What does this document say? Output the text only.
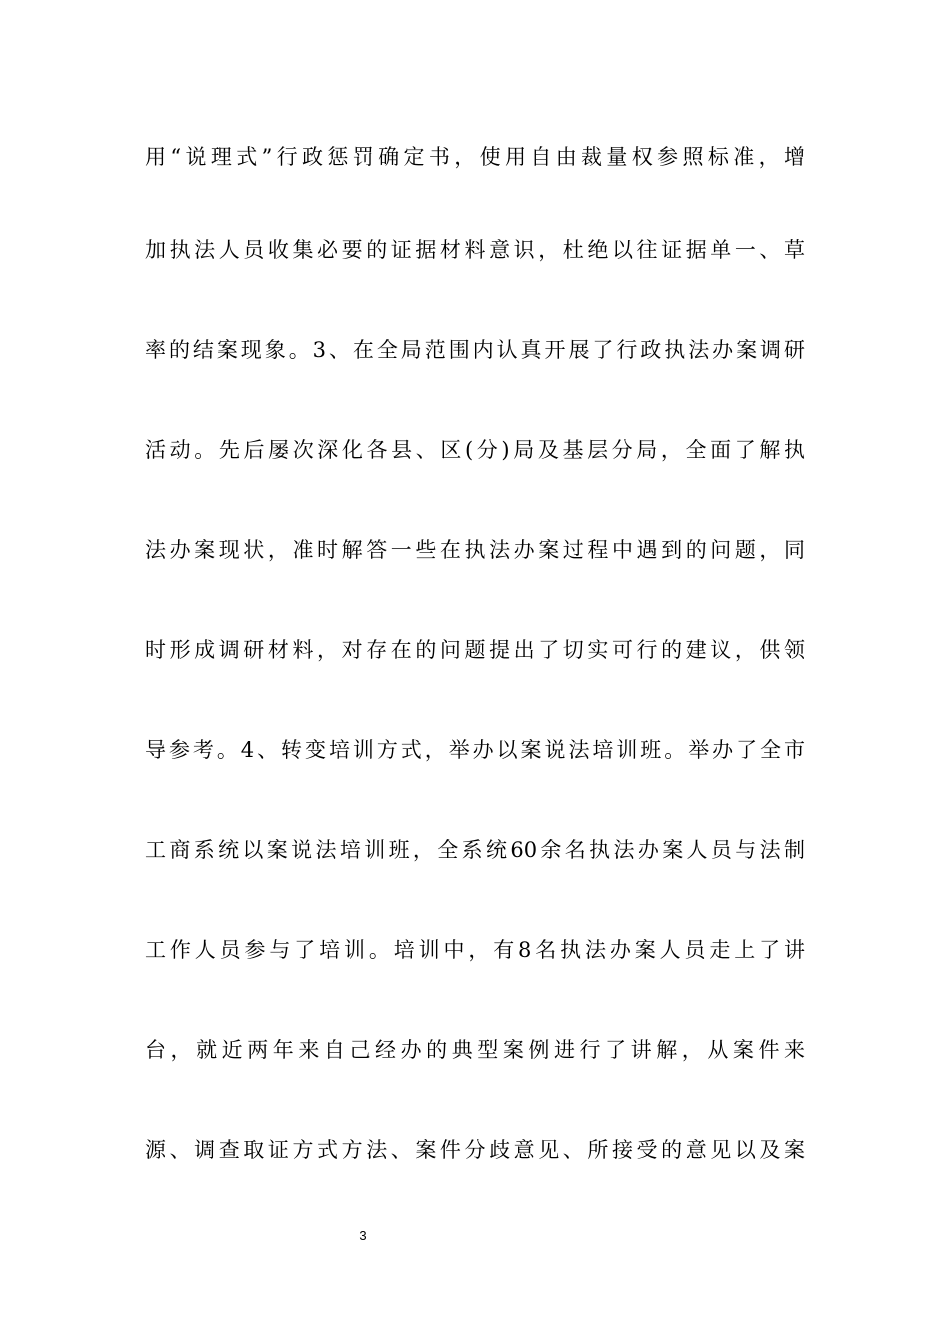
用“说理式”行政惩罚确定书，使用自由裁量权参照标准，增
加执法人员收集必要的证据材料意识，杜绝以往证据单一、草
率的结案现象。3、在全局范围内认真开展了行政执法办案调研
活动。先后屡次深化各县、区(分)局及基层分局，全面了解执
法办案现状，准时解答一些在执法办案过程中遇到的问题，同
时形成调研材料，对存在的问题提出了切实可行的建议，供领
导参考。4、转变培训方式，举办以案说法培训班。举办了全市
工商系统以案说法培训班，全系统60余名执法办案人员与法制
工作人员参与了培训。培训中，有8名执法办案人员走上了讲
台，就近两年来自己经办的典型案例进行了讲解，从案件来
源、调查取证方式方法、案件分歧意见、所接受的意见以及案
3
